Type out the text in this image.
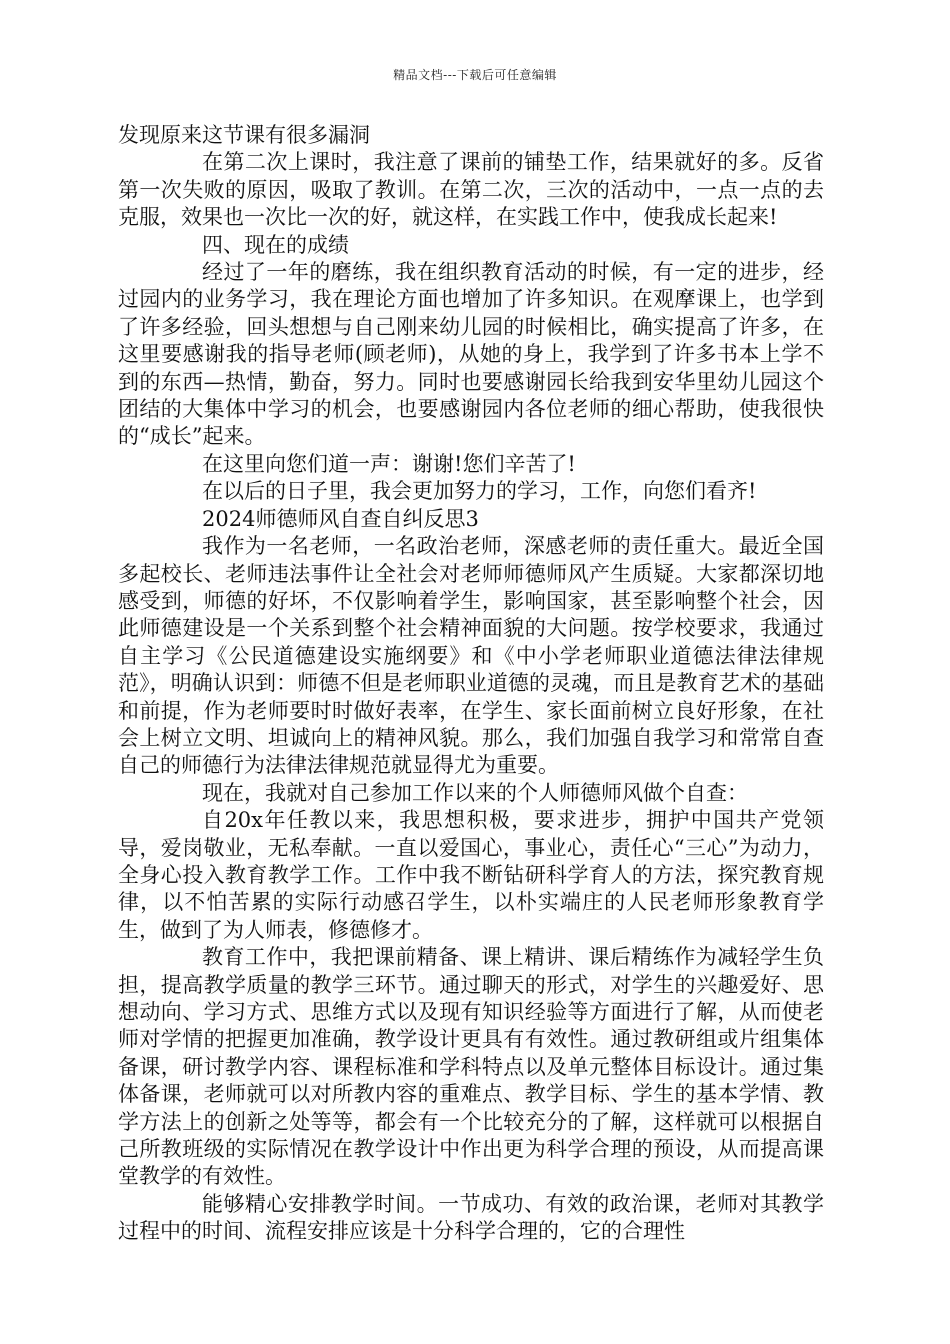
精品文档---下载后可任意编辑

发现原来这节课有很多漏洞

在第二次上课时，我注意了课前的铺垫工作，结果就好的多。反省第一次失败的原因，吸取了教训。在第二次，三次的活动中，一点一点的去克服，效果也一次比一次的好，就这样，在实践工作中，使我成长起来!

四、现在的成绩

经过了一年的磨练，我在组织教育活动的时候，有一定的进步，经过园内的业务学习，我在理论方面也增加了许多知识。在观摩课上，也学到了许多经验，回头想想与自己刚来幼儿园的时候相比，确实提高了许多，在这里要感谢我的指导老师(顾老师)，从她的身上，我学到了许多书本上学不到的东西—热情，勤奋，努力。同时也要感谢园长给我到安华里幼儿园这个团结的大集体中学习的机会，也要感谢园内各位老师的细心帮助，使我很快的“成长”起来。

在这里向您们道一声：谢谢!您们辛苦了!

在以后的日子里，我会更加努力的学习，工作，向您们看齐!

2024师德师风自查自纠反思3

我作为一名老师，一名政治老师，深感老师的责任重大。最近全国多起校长、老师违法事件让全社会对老师师德师风产生质疑。大家都深切地感受到，师德的好坏，不仅影响着学生，影响国家，甚至影响整个社会，因此师德建设是一个关系到整个社会精神面貌的大问题。按学校要求，我通过自主学习《公民道德建设实施纲要》和《中小学老师职业道德法律法律规范》，明确认识到：师德不但是老师职业道德的灵魂，而且是教育艺术的基础和前提，作为老师要时时做好表率，在学生、家长面前树立良好形象，在社会上树立文明、坦诚向上的精神风貌。那么，我们加强自我学习和常常自查自己的师德行为法律法律规范就显得尤为重要。

现在，我就对自己参加工作以来的个人师德师风做个自查：

自20x年任教以来，我思想积极，要求进步，拥护中国共产党领导，爱岗敬业，无私奉献。一直以爱国心，事业心，责任心“三心”为动力，全身心投入教育教学工作。工作中我不断钻研科学育人的方法，探究教育规律，以不怕苦累的实际行动感召学生，以朴实端庄的人民老师形象教育学生，做到了为人师表，修德修才。

教育工作中，我把课前精备、课上精讲、课后精练作为减轻学生负担，提高教学质量的教学三环节。通过聊天的形式，对学生的兴趣爱好、思想动向、学习方式、思维方式以及现有知识经验等方面进行了解，从而使老师对学情的把握更加准确，教学设计更具有有效性。通过教研组或片组集体备课，研讨教学内容、课程标准和学科特点以及单元整体目标设计。通过集体备课，老师就可以对所教内容的重难点、教学目标、学生的基本学情、教学方法上的创新之处等等，都会有一个比较充分的了解，这样就可以根据自己所教班级的实际情况在教学设计中作出更为科学合理的预设，从而提高课堂教学的有效性。

能够精心安排教学时间。一节成功、有效的政治课，老师对其教学过程中的时间、流程安排应该是十分科学合理的，它的合理性
